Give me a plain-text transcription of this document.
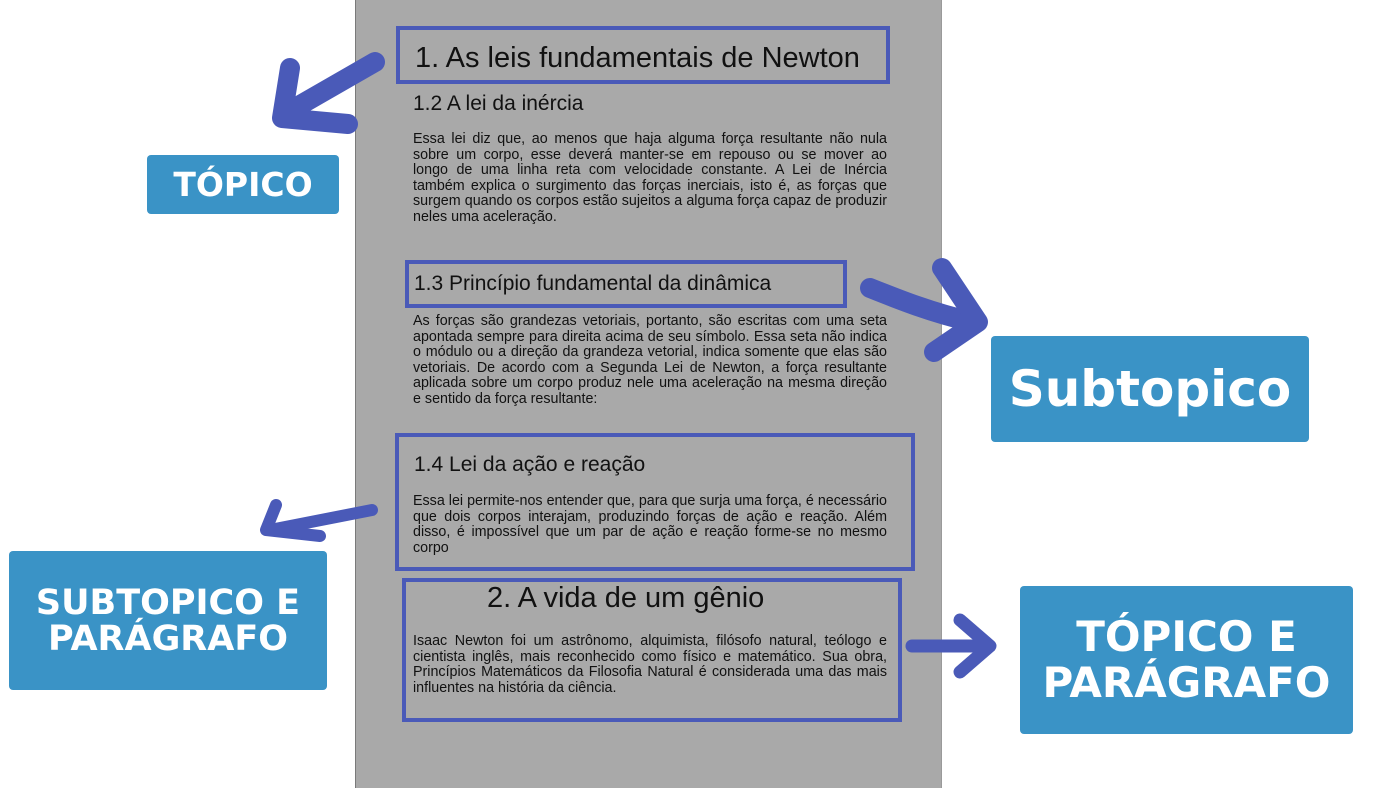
1. As leis fundamentais de Newton
1.2 A lei da inércia

Essa lei diz que, ao menos que haja alguma força resultante não nula sobre um corpo, esse deverá manter-se em repouso ou se mover ao longo de uma linha reta com velocidade constante. A Lei de Inércia também explica o surgimento das forças inerciais, isto é, as forças que surgem quando os corpos estão sujeitos a alguma força capaz de produzir neles uma aceleração.

1.3 Princípio fundamental da dinâmica

As forças são grandezas vetoriais, portanto, são escritas com uma seta apontada sempre para direita acima de seu símbolo. Essa seta não indica o módulo ou a direção da grandeza vetorial, indica somente que elas são vetoriais. De acordo com a Segunda Lei de Newton, a força resultante aplicada sobre um corpo produz nele uma aceleração na mesma direção e sentido da força resultante:

1.4 Lei da ação e reação

Essa lei permite-nos entender que, para que surja uma força, é necessário que dois corpos interajam, produzindo forças de ação e reação. Além disso, é impossível que um par de ação e reação forme-se no mesmo corpo

2. A vida de um gênio

Isaac Newton foi um astrônomo, alquimista, filósofo natural, teólogo e cientista inglês, mais reconhecido como físico e matemático. Sua obra, Princípios Matemáticos da Filosofia Natural é considerada uma das mais influentes na história da ciência.

TÓPICO
Subtopico
SUBTOPICO E PARÁGRAFO	TÓPICO E PARÁGRAFO
